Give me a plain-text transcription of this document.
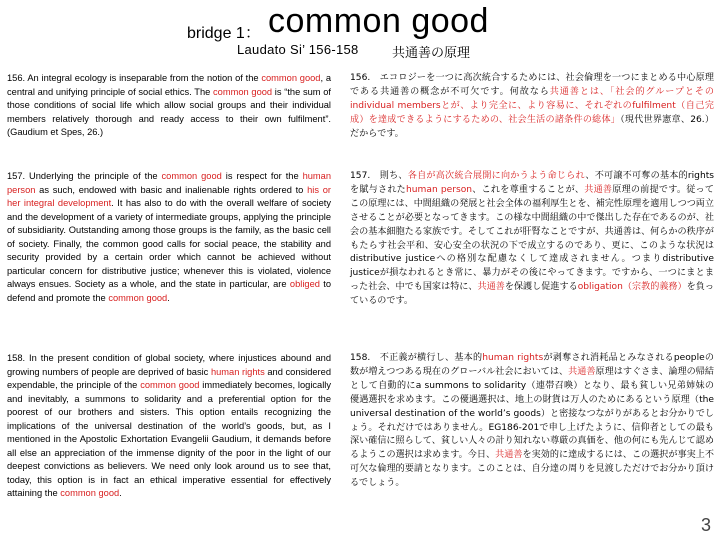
bridge 1： common good
Laudato Si’ 156-158	共通善の原理

156. An integral ecology is inseparable from the notion of the common good, a central and unifying principle of social ethics. The common good is “the sum of those conditions of social life which allow social groups and their individual members relatively thorough and ready access to their own fulfilment”. (Gaudium et Spes, 26.)

156.　エコロジーを一つに高次統合するためには、社会倫理を一つにまとめる中心原理である共通善の概念が不可欠です。何故なら共通善とは、「社会的グループとそのindividual membersとが、より完全に、より容易に、それぞれのfulfilment（自己完成）を達成できるようにするための、社会生活の諸条件の総体」（現代世界憲章、26.）だからです。

157. Underlying the principle of the common good is respect for the human person as such, endowed with basic and inalienable rights ordered to his or her integral development. It has also to do with the overall welfare of society and the development of a variety of intermediate groups, applying the principle of subsidiarity. Outstanding among those groups is the family, as the basic cell of society. Finally, the common good calls for social peace, the stability and security provided by a certain order which cannot be achieved without particular concern for distributive justice; whenever this is violated, violence always ensues. Society as a whole, and the state in particular, are obliged to defend and promote the common good.

157.　則ち、各自が高次統合展開に向かうよう命じられ、不可譲不可奪の基本的rightsを賦与されたhuman person、これを尊重することが、共通善原理の前提です。従ってこの原理には、中間組織の発展と社会全体の福利厚生とを、補完性原理を適用しつつ両立させることが必要となってきます。この様な中間組織の中で傑出した存在であるのが、社会の基本細胞たる家族です。そしてこれが肝腎なことですが、共通善は、何らかの秩序がもたらす社会平和、安心安全の状況の下で成立するのであり、更に、このような状況はdistributive justiceへの格別な配慮なくして達成されません。つまりdistributive justiceが損なわれるとき常に、暴力がその後にやってきます。ですから、一つにまとまった社会、中でも国家は特に、共通善を保護し促進するobligation（宗教的義務）を負っているのです。

158. In the present condition of global society, where injustices abound and growing numbers of people are deprived of basic human rights and considered expendable, the principle of the common good immediately becomes, logically and inevitably, a summons to solidarity and a preferential option for the poorest of our brothers and sisters. This option entails recognizing the implications of the universal destination of the world’s goods, but, as I mentioned in the Apostolic Exhortation Evangelii Gaudium, it demands before all else an appreciation of the immense dignity of the poor in the light of our deepest convictions as believers. We need only look around us to see that, today, this option is in fact an ethical imperative essential for effectively attaining the common good.

158.　不正義が横行し、基本的human rightsが剥奪され消耗品とみなされるpeopleの数が増えつつある現在のグローバル社会においては、共通善原理はすぐさま、論理の帰結として自動的にa summons to solidarity（連帯召喚）となり、最も貧しい兄弟姉妹の優遇選択を求めます。この優遇選択は、地上の財貨は万人のためにあるという原理（the universal destination of the world’s goods）と密接なつながりがあるとお分かりでしょう。それだけではありません。EG186-201で申し上げたように、信仰者としての最も深い確信に照らして、貧しい人々の計り知れない尊厳の真価を、他の何にも先んじて認めるようこの選択は求めます。今日、共通善を実効的に達成するには、この選択が事実上不可欠な倫理的要請となります。このことは、自分達の周りを見渡しただけでお分かり頂けるでしょう。

3
